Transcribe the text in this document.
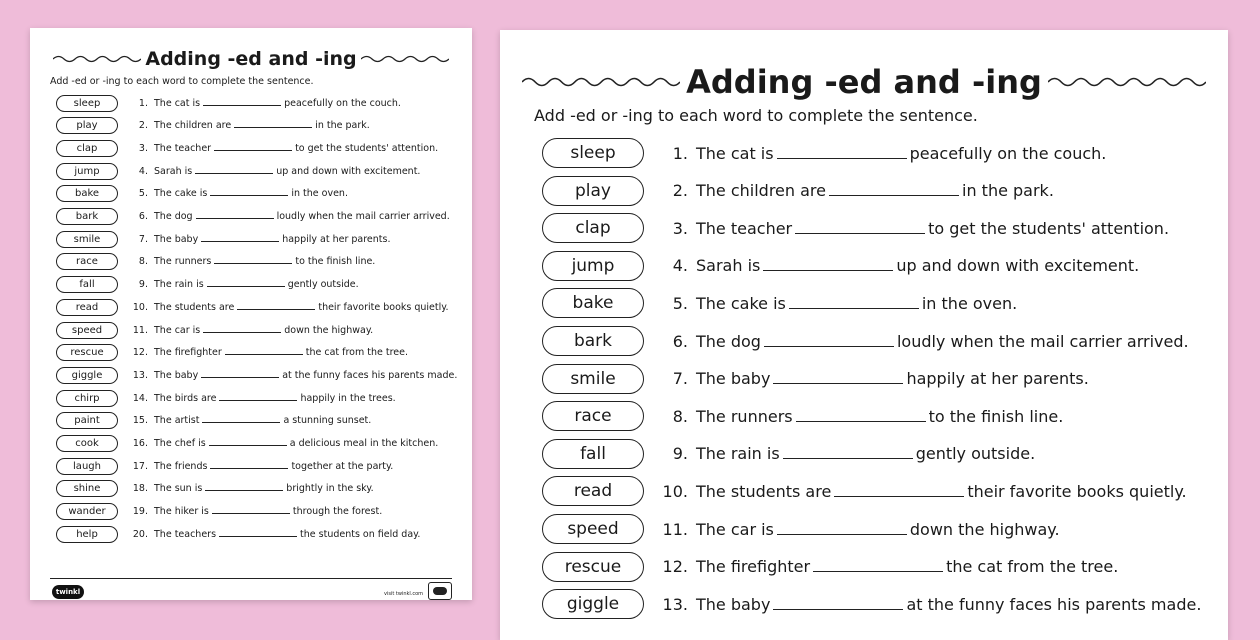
Adding -ed and -ing
Add -ed or -ing to each word to complete the sentence.
sleep	1. The cat is	peacefully on the couch.
play	2. The children are	in the park.
clap	3. The teacher	to get the students' attention.
jump	4. Sarah is	up and down with excitement.
bake	5. The cake is	in the oven.
bark	6. The dog	loudly when the mail carrier arrived.
smile	7. The baby	happily at her parents.
race	8. The runners	to the finish line.
fall	9. The rain is	gently outside.
read	10. The students are	their favorite books quietly.
speed	11. The car is	down the highway.
rescue	12. The firefighter	the cat from the tree.
giggle	13. The baby	at the funny faces his parents made.
chirp	14. The birds are	happily in the trees.
paint	15. The artist	a stunning sunset.
cook	16. The chef is	a delicious meal in the kitchen.
laugh	17. The friends	together at the party.
shine	18. The sun is	brightly in the sky.
wander	19. The hiker is	through the forest.
help	20. The teachers	the students on field day.
twinkl	visit twinkl.com
Adding -ed and -ing
Add -ed or -ing to each word to complete the sentence.
sleep	1. The cat is	peacefully on the couch.
play	2. The children are	in the park.
clap	3. The teacher	to get the students' attention.
jump	4. Sarah is	up and down with excitement.
bake	5. The cake is	in the oven.
bark	6. The dog	loudly when the mail carrier arrived.
smile	7. The baby	happily at her parents.
race	8. The runners	to the finish line.
fall	9. The rain is	gently outside.
read	10. The students are	their favorite books quietly.
speed	11. The car is	down the highway.
rescue	12. The firefighter	the cat from the tree.
giggle	13. The baby	at the funny faces his parents made.
